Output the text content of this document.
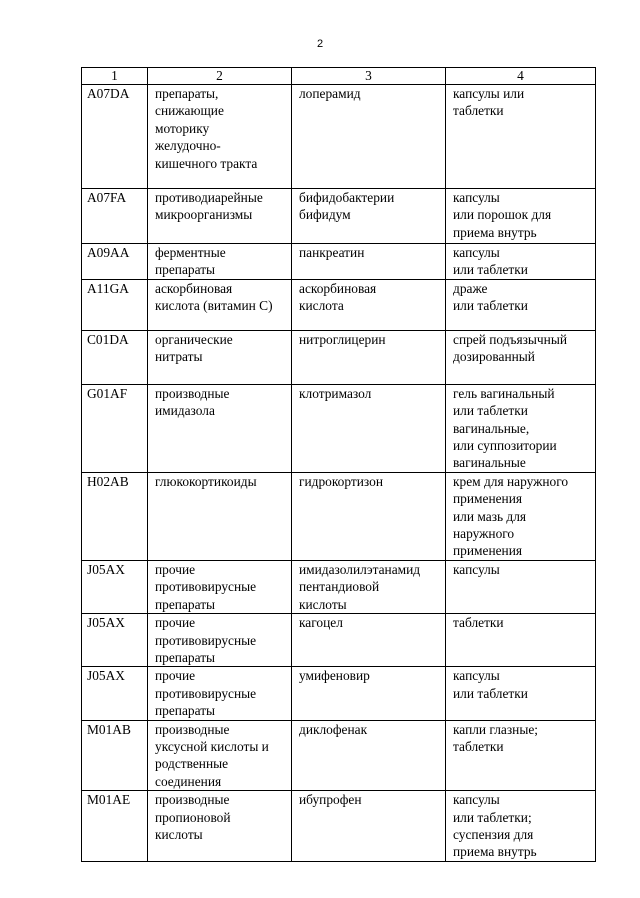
2
1	2	3	4
A07DA	препараты,
снижающие
моторику
желудочно-
кишечного тракта	лоперамид	капсулы или
таблетки
A07FA	противодиарейные
микроорганизмы	бифидобактерии
бифидум	капсулы
или порошок для
приема внутрь
A09AA	ферментные
препараты	панкреатин	капсулы
или таблетки
A11GA	аскорбиновая
кислота (витамин С)	аскорбиновая
кислота	драже
или таблетки
C01DA	органические
нитраты	нитроглицерин	спрей подъязычный
дозированный
G01AF	производные
имидазола	клотримазол	гель вагинальный
или таблетки
вагинальные,
или суппозитории
вагинальные
H02AB	глюкокортикоиды	гидрокортизон	крем для наружного
применения
или мазь для
наружного
применения
J05AX	прочие
противовирусные
препараты	имидазолилэтанамид
пентандиовой
кислоты	капсулы
J05AX	прочие
противовирусные
препараты	кагоцел	таблетки
J05AX	прочие
противовирусные
препараты	умифеновир	капсулы
или таблетки
M01AB	производные
уксусной кислоты и
родственные
соединения	диклофенак	капли глазные;
таблетки
M01AE	производные
пропионовой
кислоты	ибупрофен	капсулы
или таблетки;
суспензия для
приема внутрь
